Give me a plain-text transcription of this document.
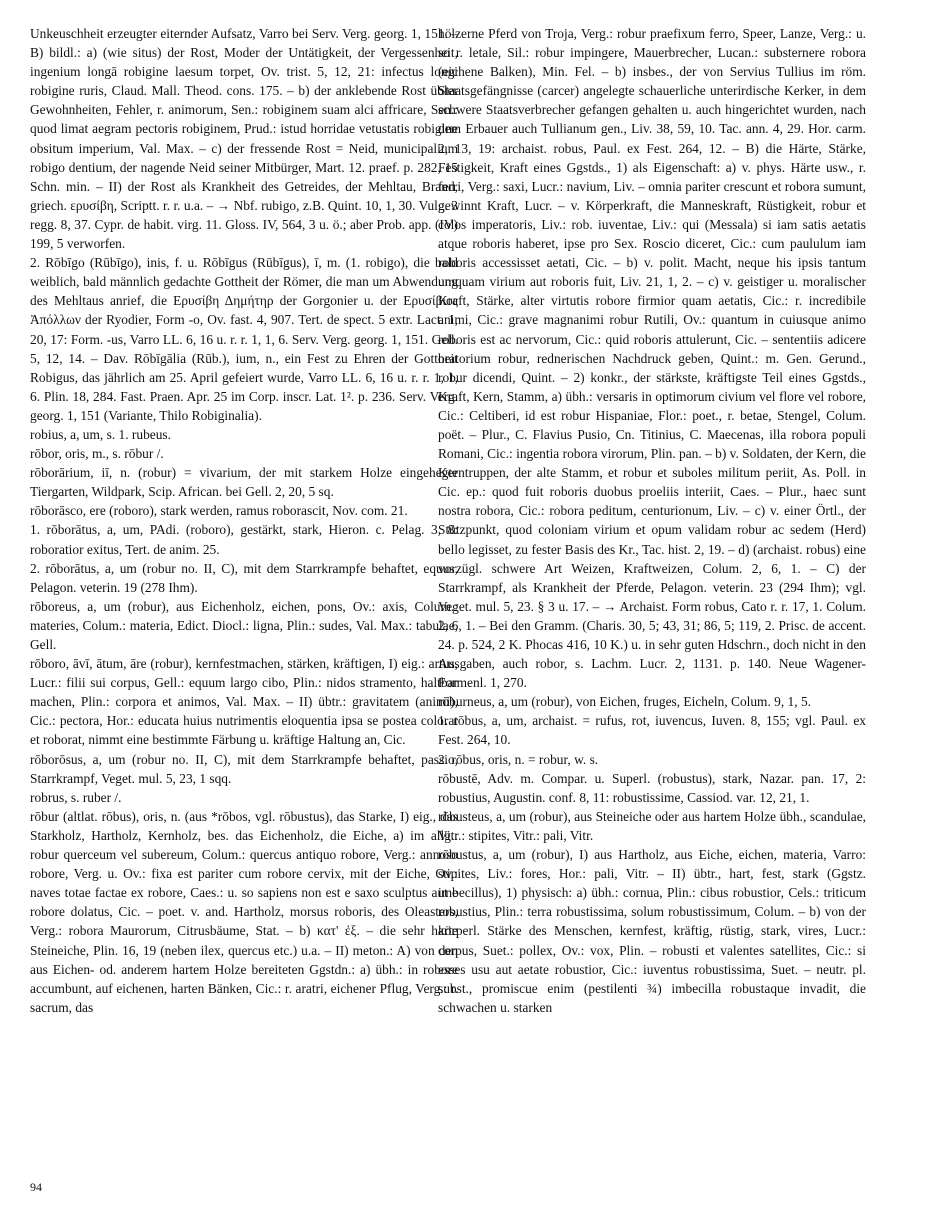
Unkeuschheit erzeugter eiternder Aufsatz, Varro bei Serv. Verg. georg. 1, 151. – B) bildl.: a) (wie situs) der Rost, Moder der Untätigkeit, der Vergessenheit, ingenium longā robigine laesum torpet, Ov. trist. 5, 12, 21: infectus longi robigine ruris, Claud. Mall. Theod. cons. 175. – b) der anklebende Rost übler Gewohnheiten, Fehler, r. animorum, Sen.: robiginem suam alci affricare, Sen.: quod limat aegram pectoris robiginem, Prud.: istud horridae vetustatis robigine obsitum imperium, Val. Max. – c) der fressende Rost = Neid, municipalium robigo dentium, der nagende Neid seiner Mitbürger, Mart. 12. praef. p. 282, 15 Schn. min. – II) der Rost als Krankheit des Getreides, der Mehltau, Brand, griech. ερυσίβη, Scriptt. r. r. u.a. – → Nbf. rubigo, z.B. Quint. 10, 1, 30. Vulg. 3 regg. 8, 37. Cypr. de habit. virg. 11. Gloss. IV, 564, 3 u. ö.; aber Prob. app. (IV) 199, 5 verworfen.

2. Rōbīgo (Rūbīgo), inis, f. u. Rōbīgus (Rūbīgus), ī, m. (1. robigo), die bald weiblich, bald männlich gedachte Gottheit der Römer, die man um Abwendung des Mehltaus anrief, die Ερυσίβη Δημήτηρ der Gorgonier u. der Ερυσίβιος Ἀπόλλων der Ryodier, Form -o, Ov. fast. 4, 907. Tert. de spect. 5 extr. Lact. 1, 20, 17: Form. -us, Varro LL. 6, 16 u. r. r. 1, 1, 6. Serv. Verg. georg. 1, 151. Gell. 5, 12, 14. – Dav. Rōbīgālia (Rūb.), ium, n., ein Fest zu Ehren der Gottheit Robigus, das jährlich am 25. April gefeiert wurde, Varro LL. 6, 16 u. r. r. 1, 1, 6. Plin. 18, 284. Fast. Praen. Apr. 25 im Corp. inscr. Lat. 1². p. 236. Serv. Verg. georg. 1, 151 (Variante, Thilo Robiginalia).

robius, a, um, s. 1. rubeus.

rōbor, oris, m., s. rōbur /.

rōborārium, iī, n. (robur) = vivarium, der mit starkem Holze eingehegte Tiergarten, Wildpark, Scip. African. bei Gell. 2, 20, 5 sq.

rōborāsco, ere (roboro), stark werden, ramus roborascit, Nov. com. 21.

1. rōborātus, a, um, PAdi. (roboro), gestärkt, stark, Hieron. c. Pelag. 3, 8: roboratior exitus, Tert. de anim. 25.

2. rōborātus, a, um (robur no. II, C), mit dem Starrkrampfe behaftet, equus, Pelagon. veterin. 19 (278 Ihm).

rōboreus, a, um (robur), aus Eichenholz, eichen, pons, Ov.: axis, Colum.: materies, Colum.: materia, Edict. Diocl.: ligna, Plin.: sudes, Val. Max.: tabulae, Gell.

rōboro, āvī, ātum, āre (robur), kernfestmachen, stärken, kräftigen, I) eig.: artus, Lucr.: filii sui corpus, Gell.: equum largo cibo, Plin.: nidos stramento, haltbar machen, Plin.: corpora et animos, Val. Max. – II) übtr.: gravitatem (animi), Cic.: pectora, Hor.: educata huius nutrimentis eloquentia ipsa se postea colorat et roborat, nimmt eine bestimmte Färbung u. kräftige Haltung an, Cic.

rōborōsus, a, um (robur no. II, C), mit dem Starrkrampfe behaftet, passio, Starrkrampf, Veget. mul. 5, 23, 1 sqq.

robrus, s. ruber /.

rōbur (altlat. rōbus), oris, n. (aus *rōbos, vgl. rōbustus), das Starke, I) eig., das Starkholz, Hartholz, Kernholz, bes. das Eichenholz, die Eiche, a) im allg.: robur querceum vel subereum, Colum.: quercus antiquo robore, Verg.: annoso robore, Verg. u. Ov.: fixa est pariter cum robore cervix, mit der Eiche, Ov.: naves totae factae ex robore, Caes.: u. so sapiens non est e saxo sculptus aut e robore dolatus, Cic. – poet. v. and. Hartholz, morsus roboris, des Oleasters, Verg.: robora Maurorum, Citrusbäume, Stat. – b) κατ' ἐξ. – die sehr harte Steineiche, Plin. 16, 19 (neben ilex, quercus etc.) u.a. – II) meton.: A) von den aus Eichen- od. anderem hartem Holze bereiteten Ggstdn.: a) übh.: in robore accumbunt, auf eichenen, harten Bänken, Cic.: r. aratri, eichener Pflug, Verg.: r. sacrum, das

hölzerne Pferd von Troja, Verg.: robur praefixum ferro, Speer, Lanze, Verg.: u. so r. letale, Sil.: robur impingere, Mauerbrecher, Lucan.: substernere robora (eichene Balken), Min. Fel. – b) insbes., der von Servius Tullius im röm. Staatsgefängnisse (carcer) angelegte schauerliche unterirdische Kerker, in dem schwere Staatsverbrecher gefangen gehalten u. auch hingerichtet wurden, nach dem Erbauer auch Tullianum gen., Liv. 38, 59, 10. Tac. ann. 4, 29. Hor. carm. 2, 13, 19: archaist. robus, Paul. ex Fest. 264, 12. – B) die Härte, Stärke, Festigkeit, Kraft eines Ggstds., 1) als Eigenschaft: a) v. phys. Härte usw., r. ferri, Verg.: saxi, Lucr.: navium, Liv. – omnia pariter crescunt et robora sumunt, gewinnt Kraft, Lucr. – v. Körperkraft, die Manneskraft, Rüstigkeit, robur et colos imperatoris, Liv.: rob. iuventae, Liv.: qui (Messala) si iam satis aetatis atque roboris haberet, ipse pro Sex. Roscio diceret, Cic.: cum paululum iam roboris accessisset aetati, Cic. – b) v. polit. Macht, neque his ipsis tantum umquam virium aut roboris fuit, Liv. 21, 1, 2. – c) v. geistiger u. moralischer Kraft, Stärke, alter virtutis robore firmior quam aetatis, Cic.: r. incredibile animi, Cic.: grave magnanimi robur Rutili, Ov.: quantum in cuiusque animo roboris est ac nervorum, Cic.: quid roboris attulerunt, Cic. – sententiis adicere oratorium robur, rednerischen Nachdruck geben, Quint.: m. Gen. Gerund., robur dicendi, Quint. – 2) konkr., der stärkste, kräftigste Teil eines Ggstds., Kraft, Kern, Stamm, a) übh.: versaris in optimorum civium vel flore vel robore, Cic.: Celtiberi, id est robur Hispaniae, Flor.: poet., r. betae, Stengel, Colum. poët. – Plur., C. Flavius Pusio, Cn. Titinius, C. Maecenas, illa robora populi Romani, Cic.: ingentia robora virorum, Plin. pan. – b) v. Soldaten, der Kern, die Kerntruppen, der alte Stamm, et robur et suboles militum periit, As. Poll. in Cic. ep.: quod fuit roboris duobus proeliis interiit, Caes. – Plur., haec sunt nostra robora, Cic.: robora peditum, centurionum, Liv. – c) v. einer Örtl., der Stützpunkt, quod coloniam virium et opum validam robur ac sedem (Herd) bello legisset, zu fester Basis des Kr., Tac. hist. 2, 19. – d) (archaist. robus) eine vorzügl. schwere Art Weizen, Kraftweizen, Colum. 2, 6, 1. – C) der Starrkrampf, als Krankheit der Pferde, Pelagon. veterin. 23 (294 Ihm); vgl. Veget. mul. 5, 23. § 3 u. 17. – → Archaist. Form robus, Cato r. r. 17, 1. Colum. 2, 6, 1. – Bei den Gramm. (Charis. 30, 5; 43, 31; 86, 5; 119, 2. Prisc. de accent. 24. p. 524, 2 K. Phocas 416, 10 K.) u. in sehr guten Hdschrn., doch nicht in den Ausgaben, auch robor, s. Lachm. Lucr. 2, 1131. p. 140. Neue Wagener-Formenl. 1, 270.

rōburneus, a, um (robur), von Eichen, fruges, Eicheln, Colum. 9, 1, 5.

1. rōbus, a, um, archaist. = rufus, rot, iuvencus, Iuven. 8, 155; vgl. Paul. ex Fest. 264, 10.

2. rōbus, oris, n. = robur, w. s.

rōbustē, Adv. m. Compar. u. Superl. (robustus), stark, Nazar. pan. 17, 2: robustius, Augustin. conf. 8, 11: robustissime, Cassiod. var. 12, 21, 1.

rōbusteus, a, um (robur), aus Steineiche oder aus hartem Holze übh., scandulae, Vitr.: stipites, Vitr.: pali, Vitr.

rōbustus, a, um (robur), I) aus Hartholz, aus Eiche, eichen, materia, Varro: stipites, Liv.: fores, Hor.: pali, Vitr. – II) übtr., hart, fest, stark (Ggstz. imbecillus), 1) physisch: a) übh.: cornua, Plin.: cibus robustior, Cels.: triticum robustius, Plin.: terra robustissima, solum robustissimum, Colum. – b) von der körperl. Stärke des Menschen, kernfest, kräftig, rüstig, stark, vires, Lucr.: corpus, Suet.: pollex, Ov.: vox, Plin. – robusti et valentes satellites, Cic.: si esses usu aut aetate robustior, Cic.: iuventus robustissima, Suet. – neutr. pl. subst., promiscue enim (pestilenti ¾) imbecilla robustaque invadit, die schwachen u. starken

94
